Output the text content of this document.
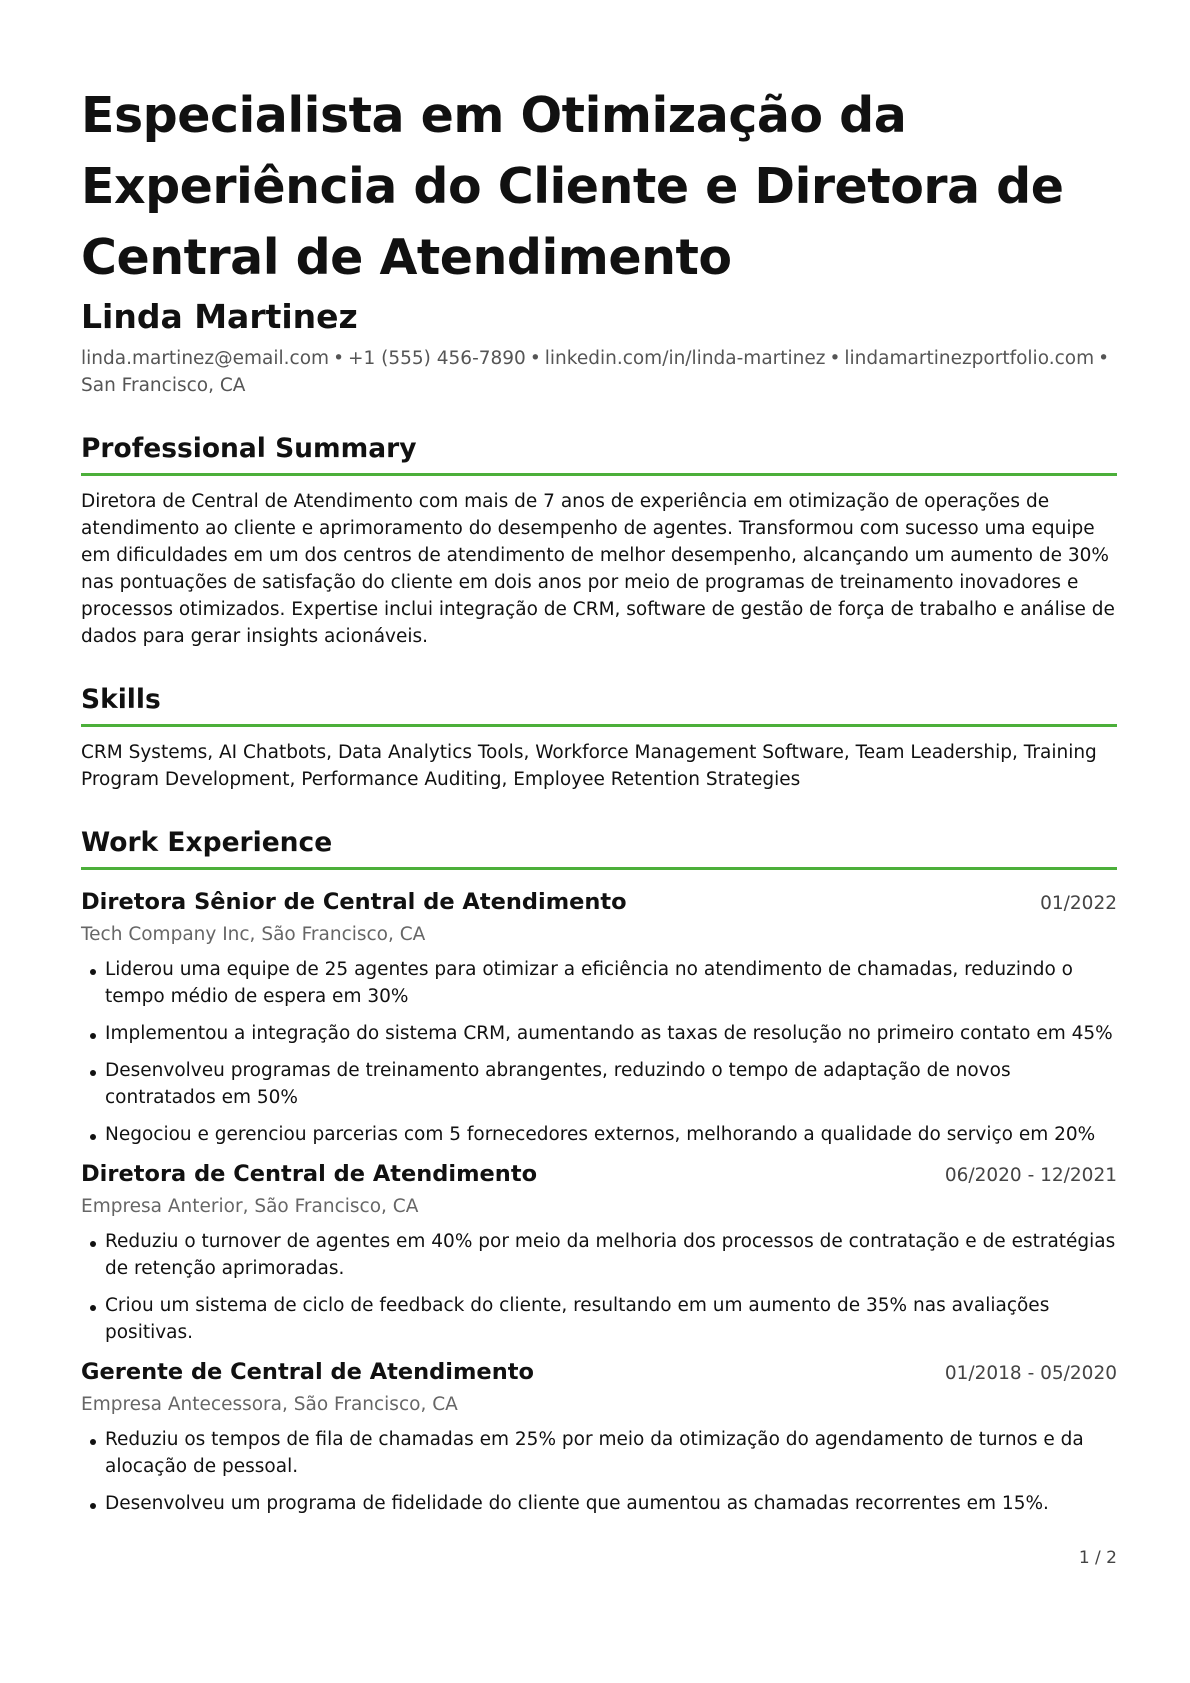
Especialista em Otimização da Experiência do Cliente e Diretora de Central de Atendimento
Linda Martinez
linda.martinez@email.com • +1 (555) 456-7890 • linkedin.com/in/linda-martinez • lindamartinezportfolio.com •
San Francisco, CA
Professional Summary
Diretora de Central de Atendimento com mais de 7 anos de experiência em otimização de operações de atendimento ao cliente e aprimoramento do desempenho de agentes. Transformou com sucesso uma equipe em dificuldades em um dos centros de atendimento de melhor desempenho, alcançando um aumento de 30% nas pontuações de satisfação do cliente em dois anos por meio de programas de treinamento inovadores e processos otimizados. Expertise inclui integração de CRM, software de gestão de força de trabalho e análise de dados para gerar insights acionáveis.
Skills
CRM Systems, AI Chatbots, Data Analytics Tools, Workforce Management Software, Team Leadership, Training Program Development, Performance Auditing, Employee Retention Strategies
Work Experience
Diretora Sênior de Central de Atendimento	01/2022
Tech Company Inc, São Francisco, CA
Liderou uma equipe de 25 agentes para otimizar a eficiência no atendimento de chamadas, reduzindo o tempo médio de espera em 30%
Implementou a integração do sistema CRM, aumentando as taxas de resolução no primeiro contato em 45%
Desenvolveu programas de treinamento abrangentes, reduzindo o tempo de adaptação de novos contratados em 50%
Negociou e gerenciou parcerias com 5 fornecedores externos, melhorando a qualidade do serviço em 20%
Diretora de Central de Atendimento	06/2020 - 12/2021
Empresa Anterior, São Francisco, CA
Reduziu o turnover de agentes em 40% por meio da melhoria dos processos de contratação e de estratégias de retenção aprimoradas.
Criou um sistema de ciclo de feedback do cliente, resultando em um aumento de 35% nas avaliações positivas.
Gerente de Central de Atendimento	01/2018 - 05/2020
Empresa Antecessora, São Francisco, CA
Reduziu os tempos de fila de chamadas em 25% por meio da otimização do agendamento de turnos e da alocação de pessoal.
Desenvolveu um programa de fidelidade do cliente que aumentou as chamadas recorrentes em 15%.
1 / 2
